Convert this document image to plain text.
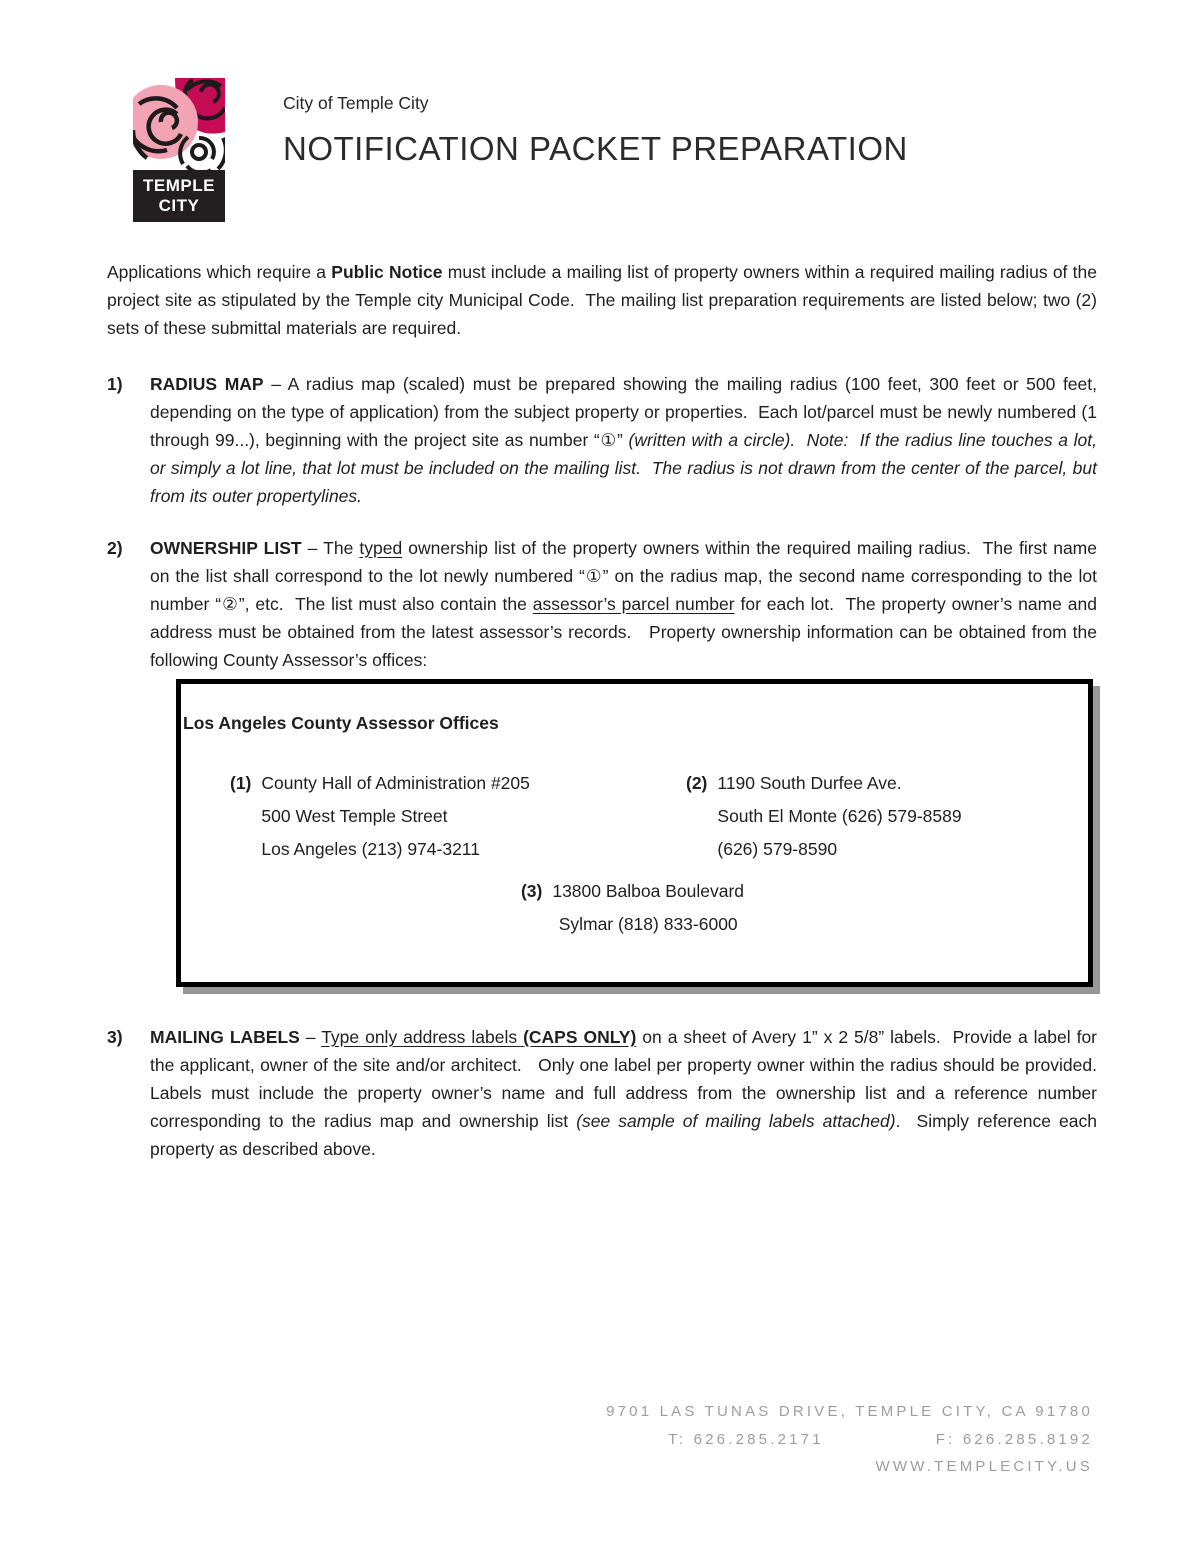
TEMPLE
CITY
City of Temple City
NOTIFICATION PACKET PREPARATION
Applications which require a Public Notice must include a mailing list of property owners within a required mailing radius of the project site as stipulated by the Temple city Municipal Code.  The mailing list preparation requirements are listed below; two (2) sets of these submittal materials are required.
1)	RADIUS MAP – A radius map (scaled) must be prepared showing the mailing radius (100 feet, 300 feet or 500 feet, depending on the type of application) from the subject property or properties.  Each lot/parcel must be newly numbered (1 through 99...), beginning with the project site as number “①” (written with a circle).  Note:  If the radius line touches a lot, or simply a lot line, that lot must be included on the mailing list.  The radius is not drawn from the center of the parcel, but from its outer propertylines.
2)	OWNERSHIP LIST – The typed ownership list of the property owners within the required mailing radius.  The first name on the list shall correspond to the lot newly numbered “①” on the radius map, the second name corresponding to the lot number “②”, etc.  The list must also contain the assessor’s parcel number for each lot.  The property owner’s name and address must be obtained from the latest assessor’s records.   Property ownership information can be obtained from the following County Assessor’s offices:
Los Angeles County Assessor Offices
(1) County Hall of Administration #205
500 West Temple Street
Los Angeles (213) 974-3211
(2) 1190 South Durfee Ave.
South El Monte (626) 579-8589
(626) 579-8590
(3) 13800 Balboa Boulevard
Sylmar (818) 833-6000
3)	MAILING LABELS – Type only address labels (CAPS ONLY) on a sheet of Avery 1” x 2 5/8” labels.  Provide a label for the applicant, owner of the site and/or architect.   Only one label per property owner within the radius should be provided.  Labels must include the property owner’s name and full address from the ownership list and a reference number corresponding to the radius map and ownership list (see sample of mailing labels attached).  Simply reference each property as described above.
9701 LAS TUNAS DRIVE, TEMPLE CITY, CA 91780
T: 626.285.2171	F: 626.285.8192
WWW.TEMPLECITY.US
